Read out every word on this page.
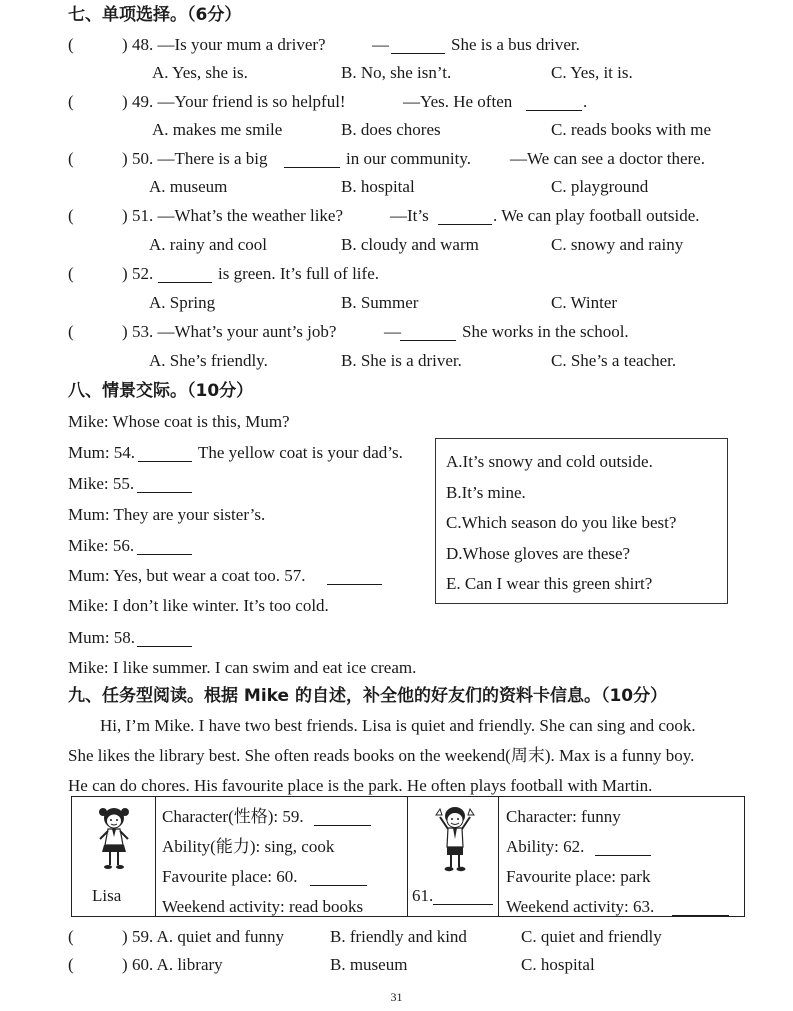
七、单项选择。（6分）
(	) 48. —Is your mum a driver?	—	She is a bus driver.
A. Yes, she is.	B. No, she isn’t.	C. Yes, it is.
(	) 49. —Your friend is so helpful!	—Yes. He often	.
A. makes me smile	B. does chores	C. reads books with me
(	) 50. —There is a big	in our community. —We can see a doctor there.
A. museum	B. hospital	C. playground
(	) 51. —What’s the weather like?	—It’s	. We can play football outside.
A. rainy and cool	B. cloudy and warm	C. snowy and rainy
(	) 52.	is green. It’s full of life.
A. Spring	B. Summer	C. Winter
(	) 53. —What’s your aunt’s job?	—	She works in the school.
A. She’s friendly.	B. She is a driver.	C. She’s a teacher.
八、情景交际。（10分）
Mike: Whose coat is this, Mum?
Mum: 54.	The yellow coat is your dad’s.
Mike: 55.
Mum: They are your sister’s.
Mike: 56.
Mum: Yes, but wear a coat too. 57.
Mike: I don’t like winter. It’s too cold.
Mum: 58.
Mike: I like summer. I can swim and eat ice cream.
A.It’s snowy and cold outside.
B.It’s mine.
C.Which season do you like best?
D.Whose gloves are these?
E. Can I wear this green shirt?
九、任务型阅读。根据 Mike 的自述，补全他的好友们的资料卡信息。（10分）
Hi, I’m Mike. I have two best friends. Lisa is quiet and friendly. She can sing and cook.
She likes the library best. She often reads books on the weekend(周末). Max is a funny boy.
He can do chores. His favourite place is the park. He often plays football with Martin.
Lisa
Character(性格): 59.
Ability(能力): sing, cook
Favourite place: 60.
Weekend activity: read books
61.
Character: funny
Ability: 62.
Favourite place: park
Weekend activity: 63.
(	) 59. A. quiet and funny	B. friendly and kind	C. quiet and friendly
(	) 60. A. library	B. museum	C. hospital
31
